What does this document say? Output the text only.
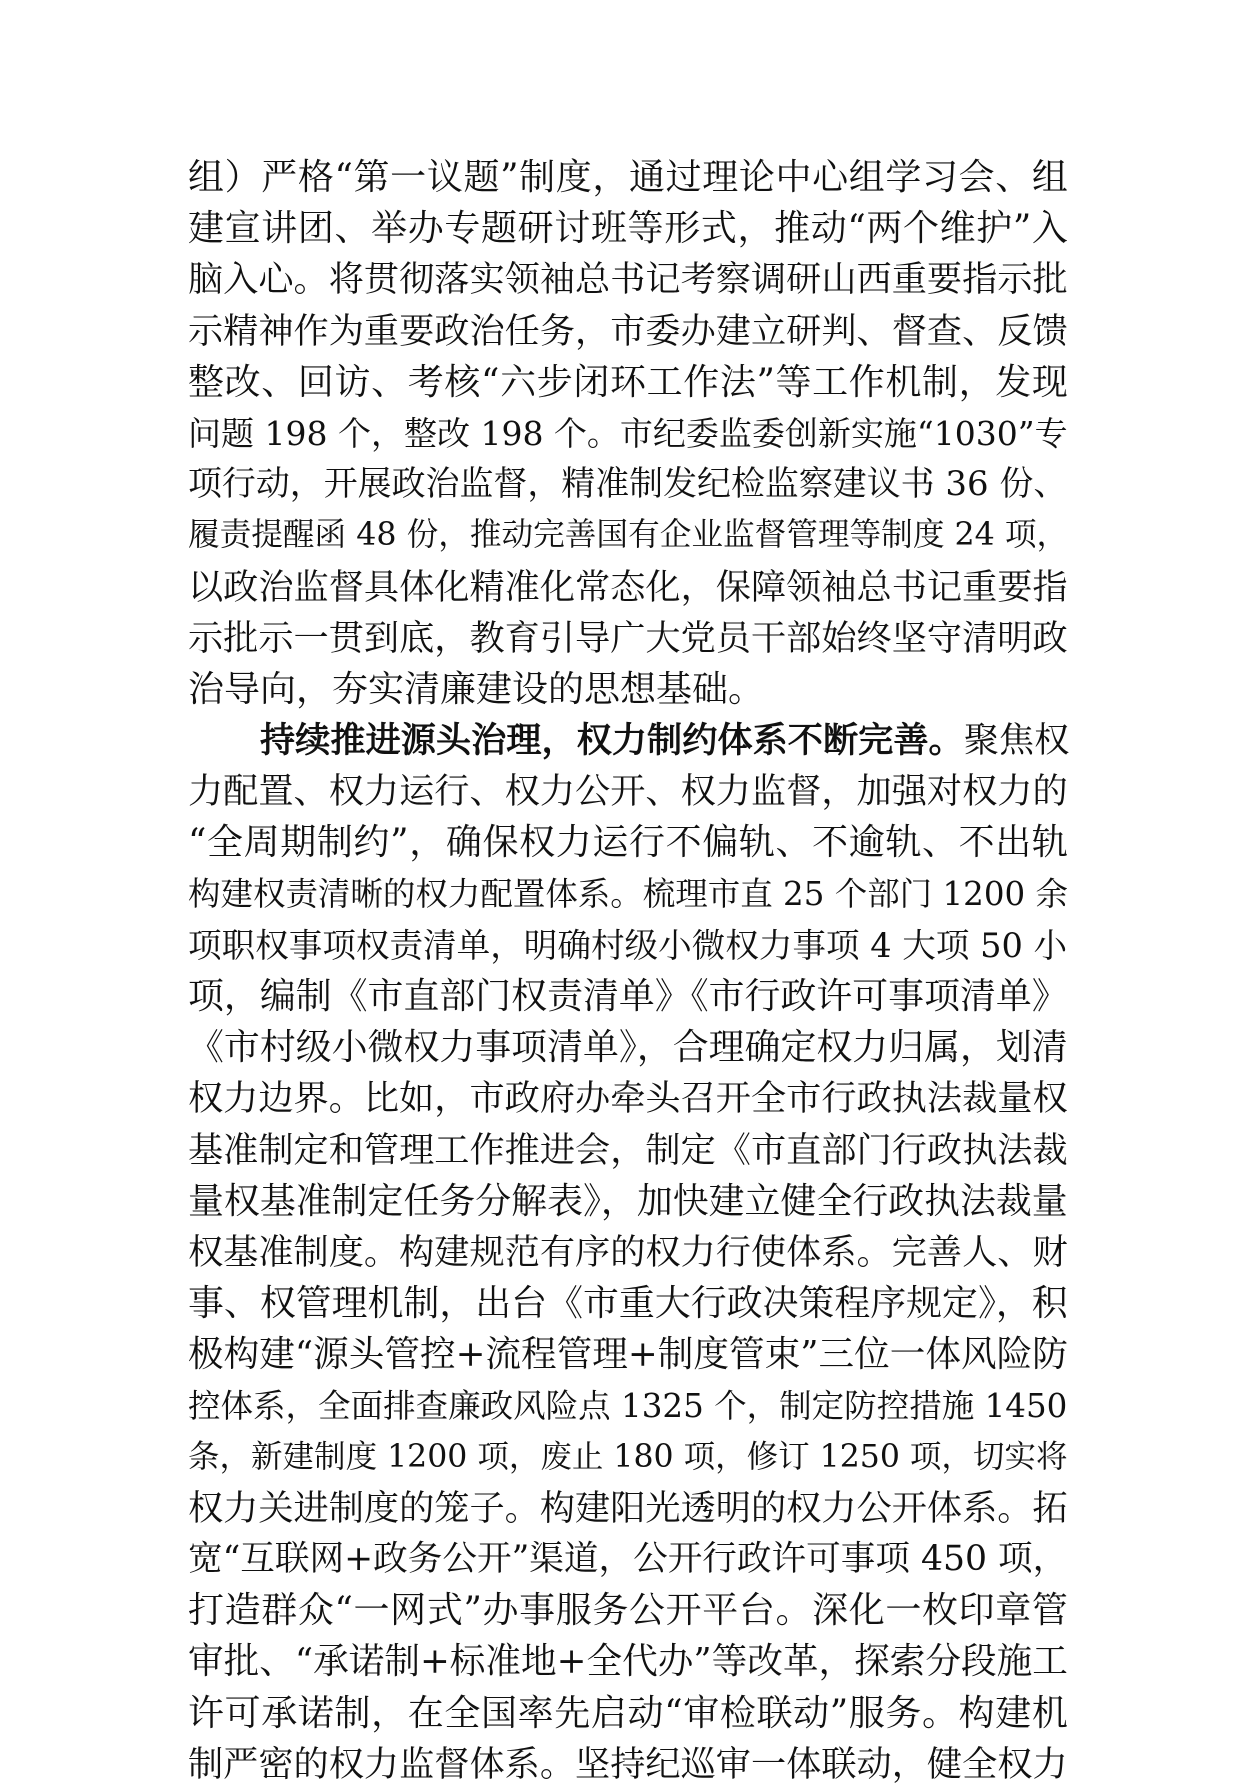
组）严格“第一议题”制度，通过理论中心组学习会、组
建宣讲团、举办专题研讨班等形式，推动“两个维护”入
脑入心。将贯彻落实领袖总书记考察调研山西重要指示批
示精神作为重要政治任务，市委办建立研判、督查、反馈
整改、回访、考核“六步闭环工作法”等工作机制，发现
问题 198 个，整改 198 个。市纪委监委创新实施“1030”专
项行动，开展政治监督，精准制发纪检监察建议书 36 份、
履责提醒函 48 份，推动完善国有企业监督管理等制度 24 项，
以政治监督具体化精准化常态化，保障领袖总书记重要指
示批示一贯到底，教育引导广大党员干部始终坚守清明政
治导向，夯实清廉建设的思想基础。
持续推进源头治理，权力制约体系不断完善。 聚焦权
力配置、权力运行、权力公开、权力监督，加强对权力的
“全周期制约”，确保权力运行不偏轨、不逾轨、不出轨
构建权责清晰的权力配置体系。梳理市直 25 个部门 1200 余
项职权事项权责清单，明确村级小微权力事项 4 大项 50 小
项，编制《市直部门权责清单》《市行政许可事项清单》
《市村级小微权力事项清单》，合理确定权力归属，划清
权力边界。比如，市政府办牵头召开全市行政执法裁量权
基准制定和管理工作推进会，制定《市直部门行政执法裁
量权基准制定任务分解表》，加快建立健全行政执法裁量
权基准制度。构建规范有序的权力行使体系。完善人、财
事、权管理机制，出台《市重大行政决策程序规定》，积
极构建“源头管控+流程管理+制度管束”三位一体风险防
控体系，全面排查廉政风险点 1325 个，制定防控措施 1450
条，新建制度 1200 项，废止 180 项，修订 1250 项，切实将
权力关进制度的笼子。构建阳光透明的权力公开体系。拓
宽“互联网+政务公开”渠道，公开行政许可事项 450 项，
打造群众“一网式”办事服务公开平台。深化一枚印章管
审批、“承诺制+标准地+全代办”等改革，探索分段施工
许可承诺制，在全国率先启动“审检联动”服务。构建机
制严密的权力监督体系。坚持纪巡审一体联动，健全权力
